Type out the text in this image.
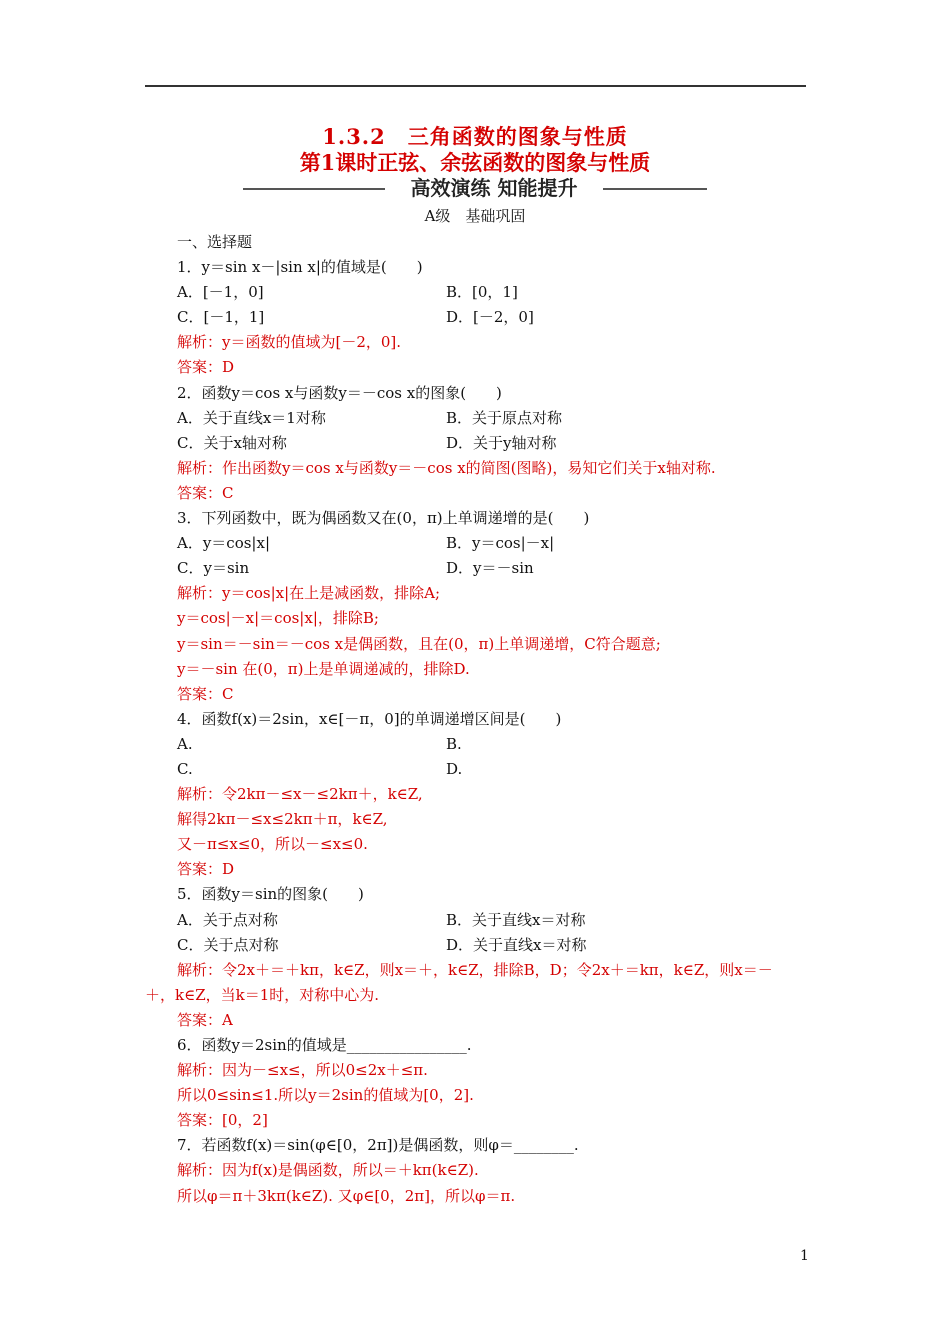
1.3.2　三角函数的图象与性质
第1课时正弦、余弦函数的图象与性质
高效演练 知能提升
A级　基础巩固
一、选择题
1．y＝sin x－|sin x|的值域是(　　)
A．[－1，0]	B．[0，1]
C．[－1，1]	D．[－2，0]
解析：y＝函数的值域为[－2，0].
答案：D
2．函数y＝cos x与函数y＝－cos x的图象(　　)
A．关于直线x＝1对称	B．关于原点对称
C．关于x轴对称	D．关于y轴对称
解析：作出函数y＝cos x与函数y＝－cos x的简图(图略)，易知它们关于x轴对称.
答案：C
3．下列函数中，既为偶函数又在(0，π)上单调递增的是(　　)
A．y＝cos|x|	B．y＝cos|－x|
C．y＝sin	D．y＝－sin
解析：y＝cos|x|在上是减函数，排除A;
y＝cos|－x|＝cos|x|，排除B;
y＝sin＝－sin＝－cos x是偶函数，且在(0，π)上单调递增，C符合题意;
y＝－sin 在(0，π)上是单调递减的，排除D.
答案：C
4．函数f(x)＝2sin，x∈[－π，0]的单调递增区间是(　　)
A.	B.
C.	D.
解析：令2kπ－≤x－≤2kπ＋，k∈Z,
解得2kπ－≤x≤2kπ＋π，k∈Z,
又－π≤x≤0，所以－≤x≤0.
答案：D
5．函数y＝sin的图象(　　)
A．关于点对称	B．关于直线x＝对称
C．关于点对称	D．关于直线x＝对称
解析：令2x＋＝＋kπ，k∈Z，则x＝＋，k∈Z，排除B，D；令2x＋＝kπ，k∈Z，则x＝－
＋，k∈Z，当k＝1时，对称中心为.
答案：A
6．函数y＝2sin的值域是________________.
解析：因为－≤x≤，所以0≤2x＋≤π.
所以0≤sin≤1.所以y＝2sin的值域为[0，2].
答案：[0，2]
7．若函数f(x)＝sin(φ∈[0，2π])是偶函数，则φ＝________.
解析：因为f(x)是偶函数，所以＝＋kπ(k∈Z).
所以φ＝π＋3kπ(k∈Z). 又φ∈[0，2π]，所以φ＝π.
1
